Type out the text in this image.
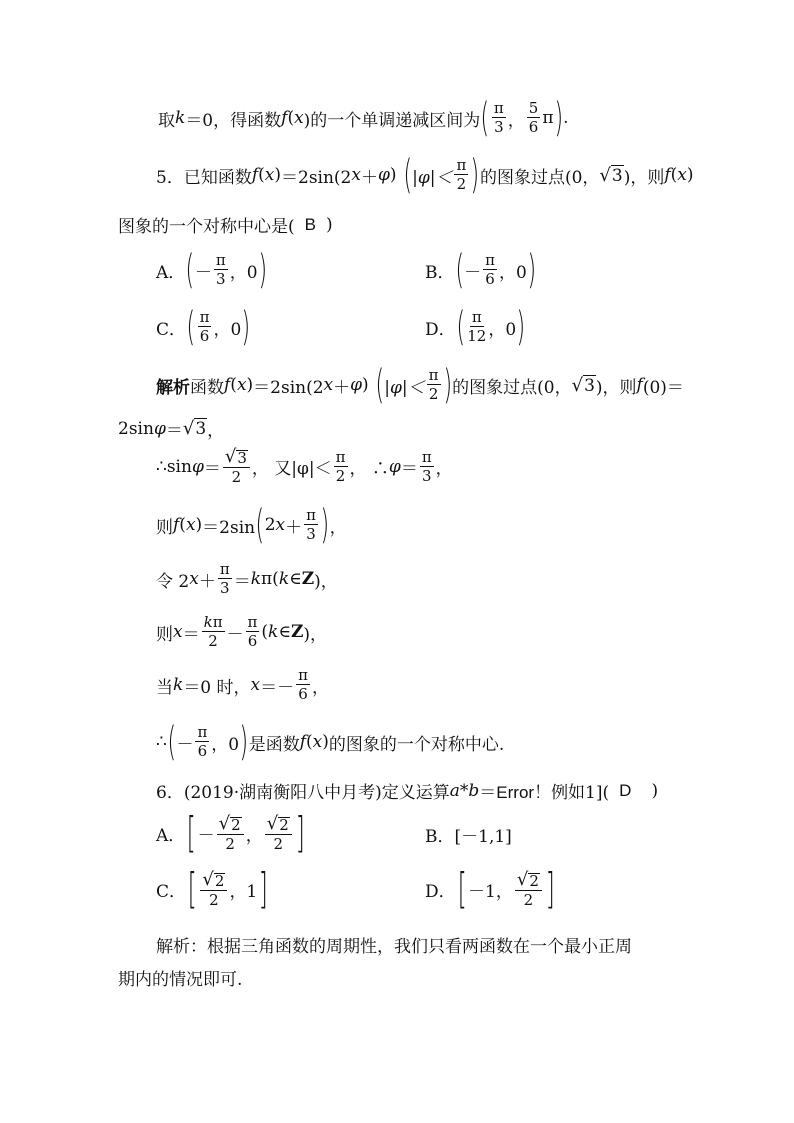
取 k ＝0，得函数 f ( x )的一个单调递减区间为 ( $\frac{\pi}{3}$ ， $\frac{5}{6}$ π ) .
5．已知函数 f ( x ) ＝2sin(2 x ＋ φ ) ( $|\varphi|< \frac{\pi}{2}$ ) 的图象过点(0， √ 3 )，则 f ( x )
图象的一个对称中心是( B )
A． ( － $\frac{\pi}{3}$ ，0 )	B． ( － $\frac{\pi}{6}$ ，0 )
C． ( $\frac{\pi}{6}$ ，0 )	D． ( $\frac{\pi}{12}$ ，0 )
解析 函数 f ( x ) ＝2sin(2 x ＋ φ ) ( $|\varphi|< \frac{\pi}{2}$ ) 的图象过点(0， √ 3 )，则 f (0)＝
2sin φ ＝ √ 3 ，
∴sin $\varphi = \frac{√ 3}{2}$ ， 又$|\varphi|< \frac{\pi}{2}$ ， ∴ $\varphi = \frac{\pi}{3}$ ，
则 f ( x ) ＝2sin ( 2 $x + \frac{\pi}{3}$ ) ，
令 2 $x + \frac{\pi}{3} = k$ π( k ∈ Z )，
则 $x = \frac{k\pi}{2} - \frac{\pi}{6}$ ( k ∈ Z )，
当 k ＝0 时， $x =- \frac{\pi}{6}$ ，
∴ ( － $\frac{\pi}{6}$ ，0 ) 是函数 f ( x ) 的图象的一个对称中心.
6．(2019·湖南衡阳八中月考)定义运算 a * b ＝ Error！ 例如1]( D )
A． [ － $\frac{√ 2}{2}$ ， $\frac{√ 2}{2}$ ]	B． [－1,1]
C． [ $\frac{√ 2}{2}$ ，1 ]	D． [ －1， $\frac{√ 2}{2}$ ]
解析：根据三角函数的周期性，我们只看两函数在一个最小正周
期内的情况即可.
